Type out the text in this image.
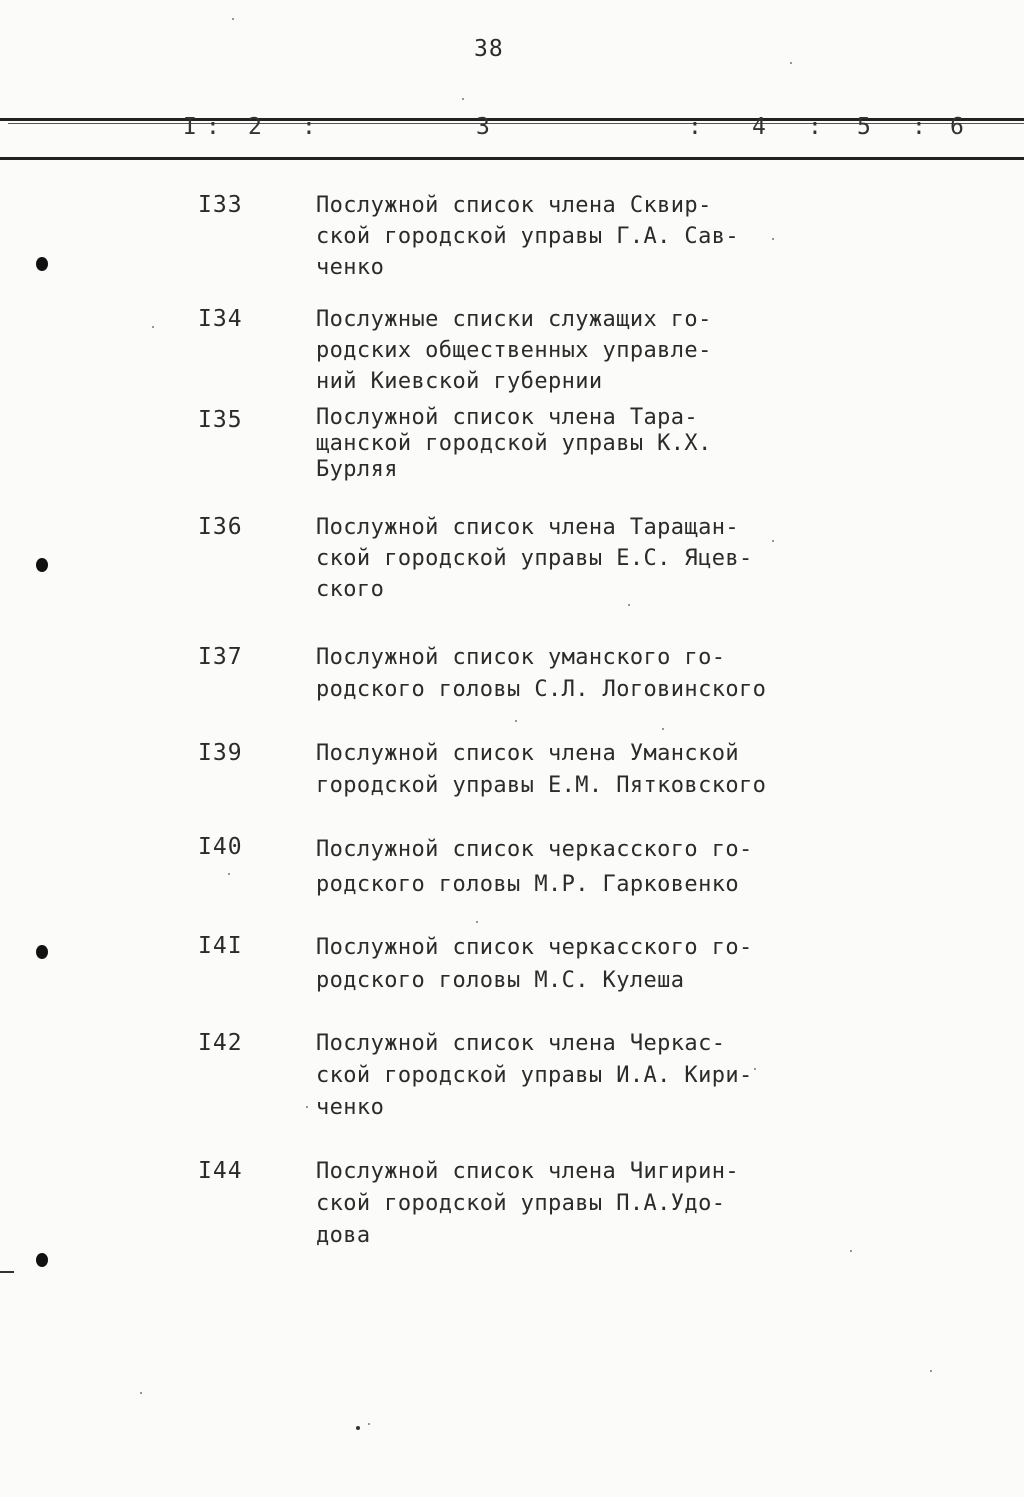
38
I : 2 :	3	: 4 : 5 : 6
I33	Послужной список члена Сквир-
ской городской управы Г.А. Сав-
ченко
I34	Послужные списки служащих го-
родских общественных управле-
ний Киевской губернии
I35	Послужной список члена Тара-
щанской городской управы К.Х.
Бурляя
I36	Послужной список члена Таращан-
ской городской управы Е.С. Яцев-
ского
I37	Послужной список уманского го-
родского головы С.Л. Логовинского
I39	Послужной список члена Уманской
городской управы Е.М. Пятковского
I40	Послужной список черкасского го-
родского головы М.Р. Гарковенко
I4I	Послужной список черкасского го-
родского головы М.С. Кулеша
I42	Послужной список члена Черкас-
ской городской управы И.А. Кири-
ченко
I44	Послужной список члена Чигирин-
ской городской управы П.А.Удо-
дова
